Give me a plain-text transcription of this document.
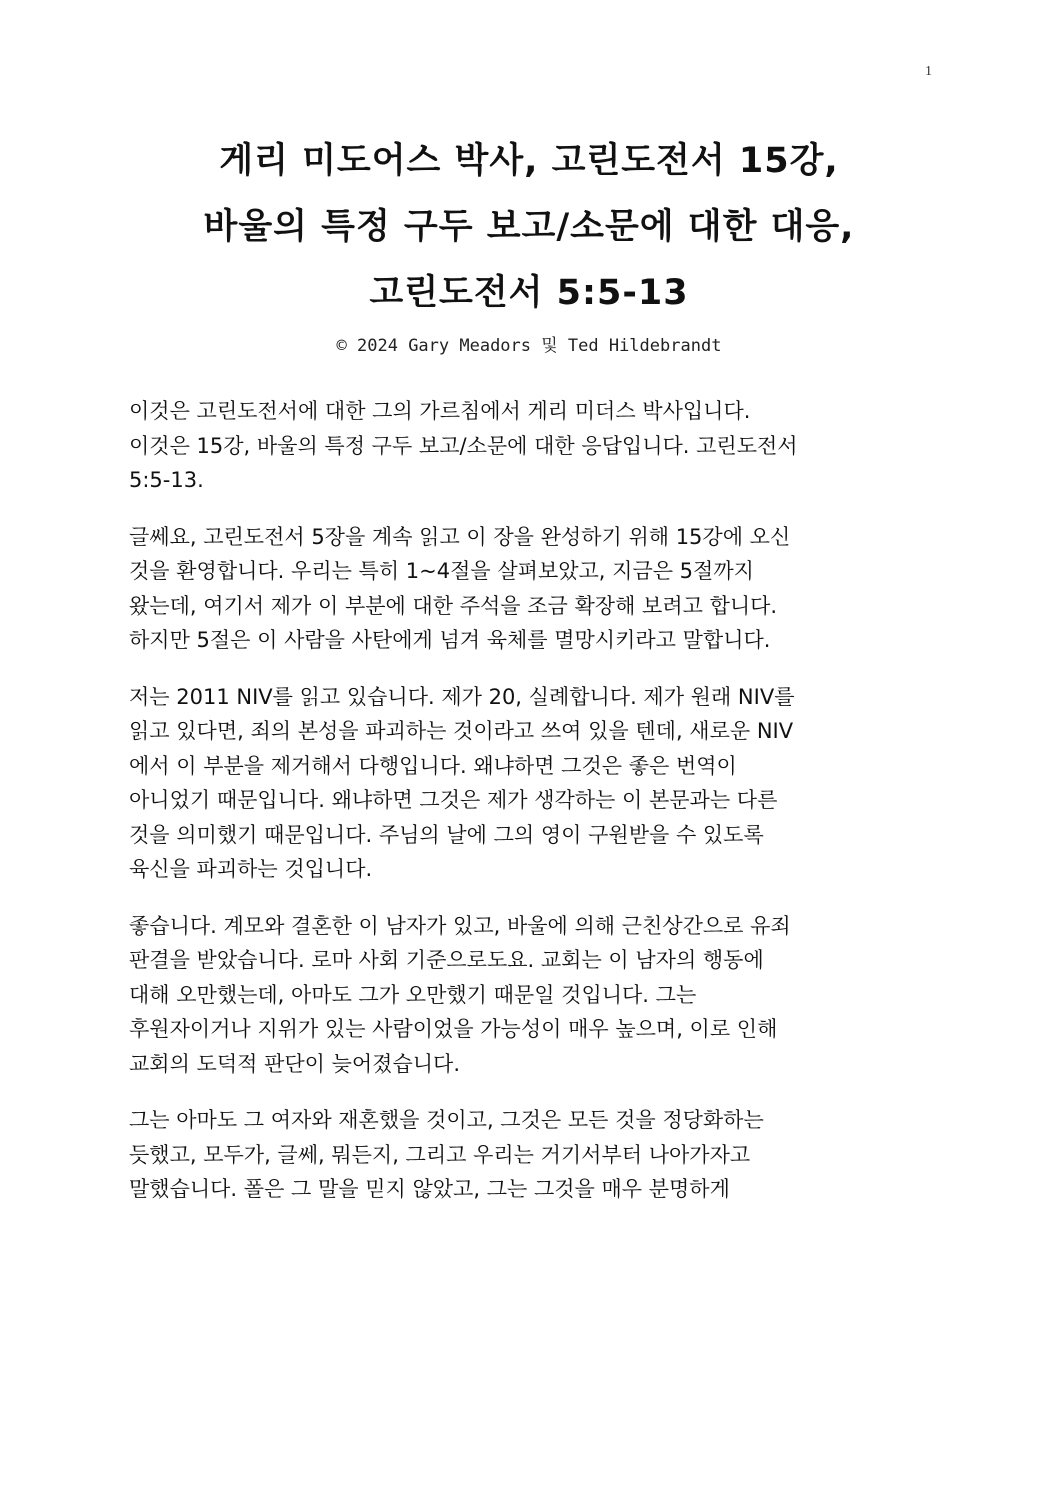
1
게리 미도어스 박사, 고린도전서 15강,
바울의 특정 구두 보고/소문에 대한 대응,
고린도전서 5:5-13
© 2024 Gary Meadors 및 Ted Hildebrandt

이것은 고린도전서에 대한 그의 가르침에서 게리 미더스 박사입니다.
이것은 15강, 바울의 특정 구두 보고/소문에 대한 응답입니다. 고린도전서
5:5-13.

글쎄요, 고린도전서 5장을 계속 읽고 이 장을 완성하기 위해 15강에 오신
것을 환영합니다. 우리는 특히 1~4절을 살펴보았고, 지금은 5절까지
왔는데, 여기서 제가 이 부분에 대한 주석을 조금 확장해 보려고 합니다.
하지만 5절은 이 사람을 사탄에게 넘겨 육체를 멸망시키라고 말합니다.

저는 2011 NIV를 읽고 있습니다. 제가 20, 실례합니다. 제가 원래 NIV를
읽고 있다면, 죄의 본성을 파괴하는 것이라고 쓰여 있을 텐데, 새로운 NIV
에서 이 부분을 제거해서 다행입니다. 왜냐하면 그것은 좋은 번역이
아니었기 때문입니다. 왜냐하면 그것은 제가 생각하는 이 본문과는 다른
것을 의미했기 때문입니다. 주님의 날에 그의 영이 구원받을 수 있도록
육신을 파괴하는 것입니다.

좋습니다. 계모와 결혼한 이 남자가 있고, 바울에 의해 근친상간으로 유죄
판결을 받았습니다. 로마 사회 기준으로도요. 교회는 이 남자의 행동에
대해 오만했는데, 아마도 그가 오만했기 때문일 것입니다. 그는
후원자이거나 지위가 있는 사람이었을 가능성이 매우 높으며, 이로 인해
교회의 도덕적 판단이 늦어졌습니다.

그는 아마도 그 여자와 재혼했을 것이고, 그것은 모든 것을 정당화하는
듯했고, 모두가, 글쎄, 뭐든지, 그리고 우리는 거기서부터 나아가자고
말했습니다. 폴은 그 말을 믿지 않았고, 그는 그것을 매우 분명하게
